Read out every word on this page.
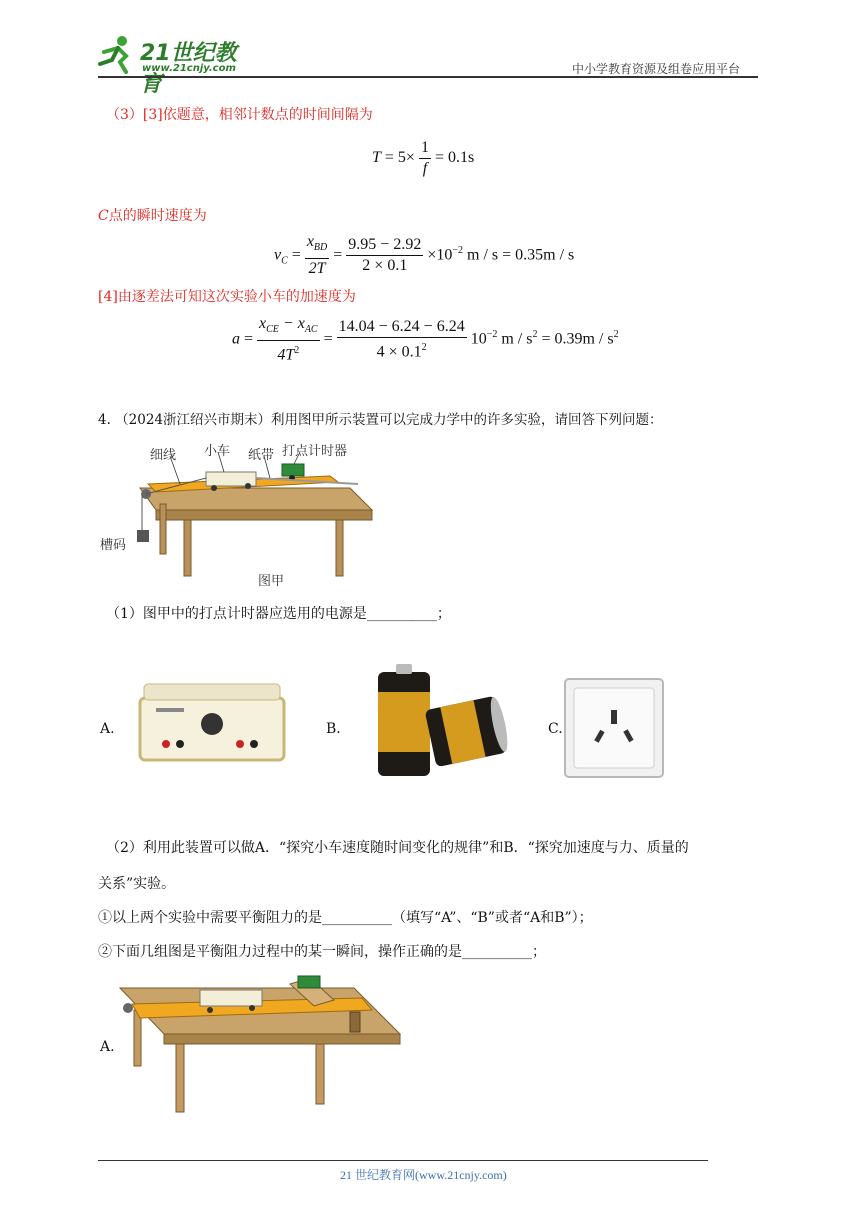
21世纪教育
www.21cnjy.com	中小学教育资源及组卷应用平台
（3）[3]依题意，相邻计数点的时间间隔为
$T = 5\times \frac{1}{f} = 0.1s$
C点的瞬时速度为
$v_C = \frac{x_{BD}}{2T} = \frac{9.95 - 2.92}{2 \times 0.1} \times 10^{-2}$ m / s = 0.35m / s
[4]由逐差法可知这次实验小车的加速度为
$a = \frac{x_{CE} - x_{AC}}{4T^2} = \frac{14.04 - 6.24 - 6.24}{4 \times 0.1^2} 10^{-2}$ $m / s^2 = 0.39m / s^2$
4. （2024浙江绍兴市期末）利用图甲所示装置可以完成力学中的许多实验，请回答下列问题：
细线 小车 纸带 打点计时器
槽码
图甲
（1）图甲中的打点计时器应选用的电源是__________；
A.	B.	C.
（2）利用此装置可以做A．“探究小车速度随时间变化的规律”和B．“探究加速度与力、质量的
关系”实验。
①以上两个实验中需要平衡阻力的是__________（填写“A”、“B”或者“A和B”）；
②下面几组图是平衡阻力过程中的某一瞬间，操作正确的是__________；
A.
21 世纪教育网(www.21cnjy.com)
